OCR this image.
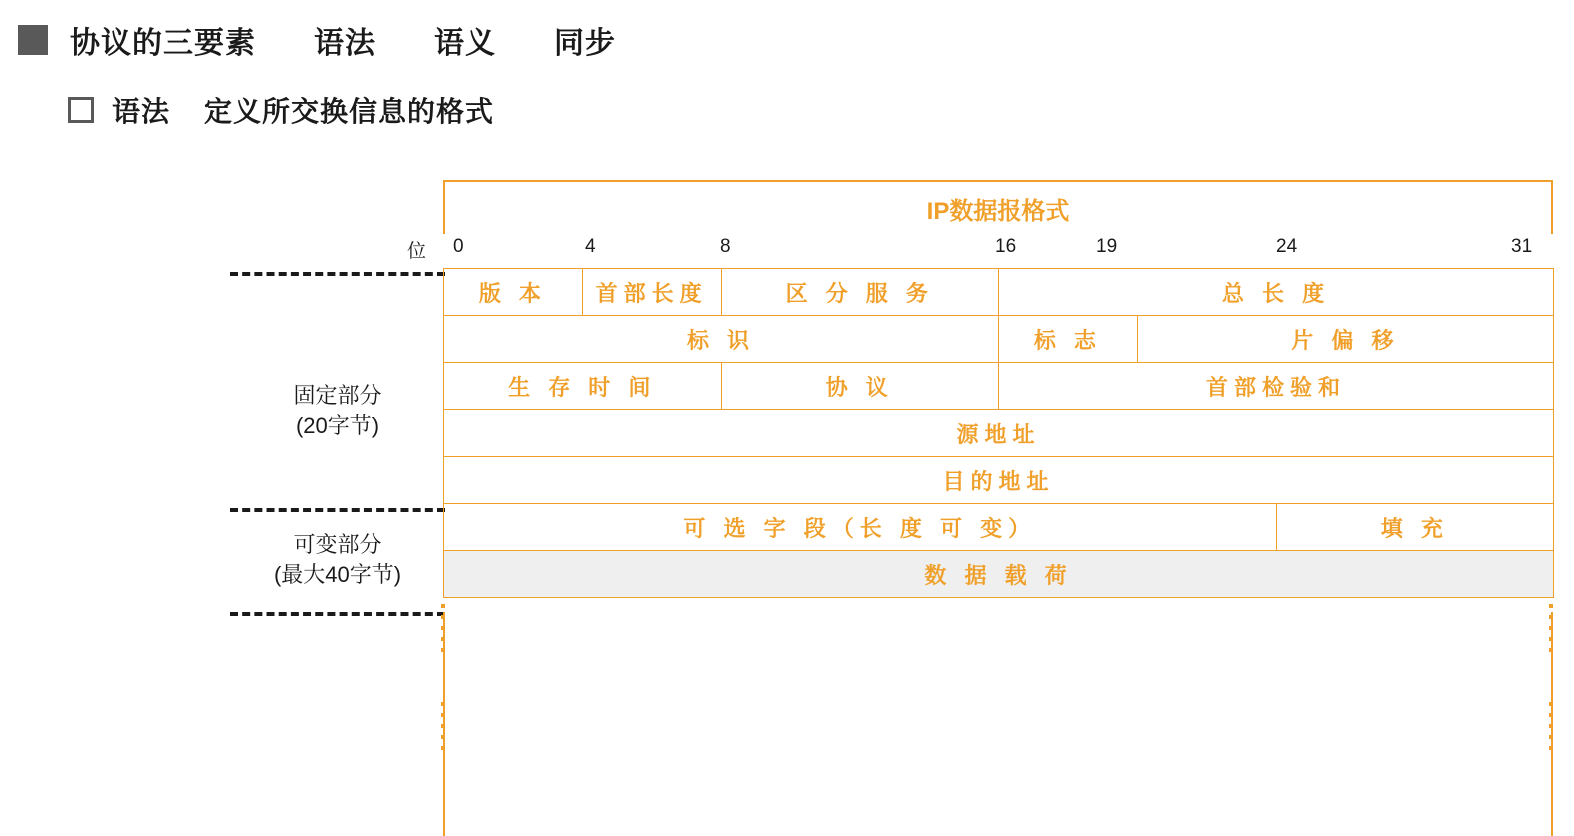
协议的三要素 语法 语义 同步
语法 定义所交换信息的格式
固定部分
(20字节)
可变部分
(最大40字节)
IP数据报格式
位 0	4	8	16	19	24	31
版 本	首部长度	区 分 服 务	总 长 度		
标 识			标 志	片 偏 移	
生 存 时 间		协 议	首部检验和		
源地址					
目的地址					
可 选 字 段（长 度 可 变）					填 充
数 据 载 荷					
